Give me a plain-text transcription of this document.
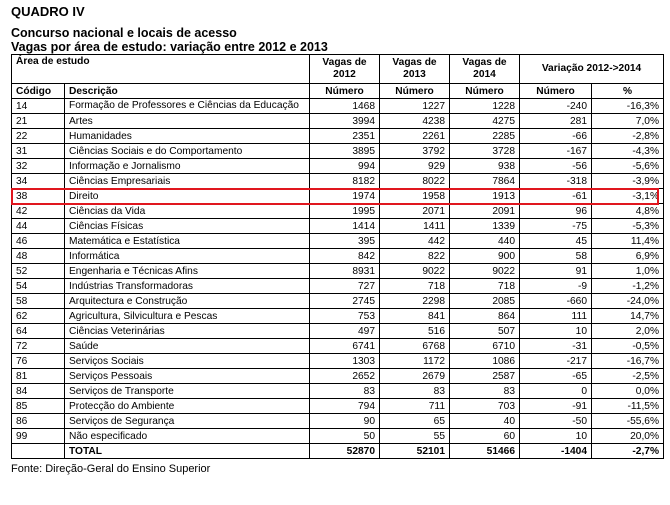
QUADRO IV
Concurso nacional e locais de acesso
Vagas por área de estudo: variação entre 2012 e 2013
Área de estudo		Vagas de 2012	Vagas de 2013	Vagas de 2014	Variação 2012->2014	
Código	Descrição	Número	Número	Número	Número	%
14	Formação de Professores e Ciências da Educação	1468	1227	1228	-240	-16,3%
21	Artes	3994	4238	4275	281	7,0%
22	Humanidades	2351	2261	2285	-66	-2,8%
31	Ciências Sociais e do Comportamento	3895	3792	3728	-167	-4,3%
32	Informação e Jornalismo	994	929	938	-56	-5,6%
34	Ciências Empresariais	8182	8022	7864	-318	-3,9%
38	Direito	1974	1958	1913	-61	-3,1%
42	Ciências da Vida	1995	2071	2091	96	4,8%
44	Ciências Físicas	1414	1411	1339	-75	-5,3%
46	Matemática e Estatística	395	442	440	45	11,4%
48	Informática	842	822	900	58	6,9%
52	Engenharia e Técnicas Afins	8931	9022	9022	91	1,0%
54	Indústrias Transformadoras	727	718	718	-9	-1,2%
58	Arquitectura e Construção	2745	2298	2085	-660	-24,0%
62	Agricultura, Silvicultura e Pescas	753	841	864	111	14,7%
64	Ciências Veterinárias	497	516	507	10	2,0%
72	Saúde	6741	6768	6710	-31	-0,5%
76	Serviços Sociais	1303	1172	1086	-217	-16,7%
81	Serviços Pessoais	2652	2679	2587	-65	-2,5%
84	Serviços de Transporte	83	83	83	0	0,0%
85	Protecção do Ambiente	794	711	703	-91	-11,5%
86	Serviços de Segurança	90	65	40	-50	-55,6%
99	Não especificado	50	55	60	10	20,0%
	TOTAL	52870	52101	51466	-1404	-2,7%
Fonte: Direção-Geral do Ensino Superior
